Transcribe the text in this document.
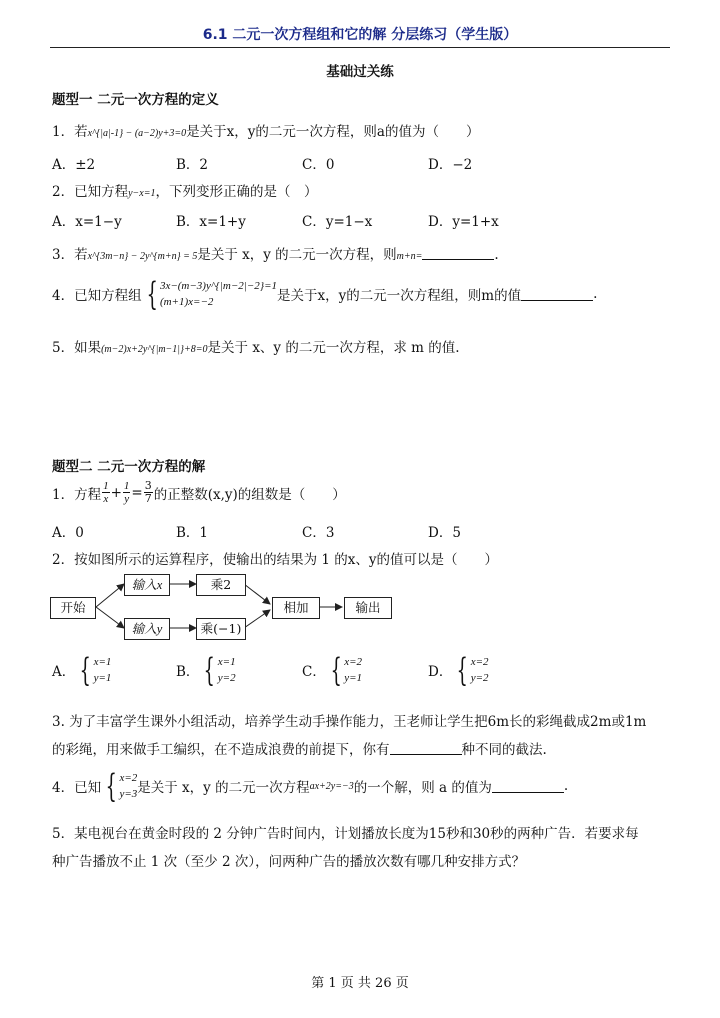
6.1 二元一次方程组和它的解 分层练习（学生版）
基础过关练
题型一 二元一次方程的定义
1．若x^{|a|-1} − (a−2)y+3=0是关于x，y的二元一次方程，则a的值为（　　）
A．±2	B．2	C．0	D．−2
2．已知方程y−x=1，下列变形正确的是（　）
A．x=1−y	B．x=1+y	C．y=1−x	D．y=1+x
3．若x^{3m−n} − 2y^{m+n} = 5是关于 x，y 的二元一次方程，则m+n=	.
4．已知方程组 { 3x−(m−3)y^{|m−2|−2}=1
(m+1)x=−2	是关于x，y的二元一次方程组，则m的值	.
5．如果(m−2)x+2y^{|m−1|}+8=0是关于 x、y 的二元一次方程，求 m 的值.
题型二 二元一次方程的解
1．方程 $\frac{1}{x} + \frac{1}{y} = \frac{3}{7}$ 的正整数(x,y)的组数是（　　）
A．0	B．1	C．3	D．5
2．按如图所示的运算程序，使输出的结果为 1 的x、y的值可以是（　　）
开始
输入x
输入y
乘2
乘(−1)
相加	输出
A． { x=1
y=1	B． { x=1
y=2	C． { x=2
y=1	D． { x=2
y=2
3. 为了丰富学生课外小组活动，培养学生动手操作能力，王老师让学生把6m长的彩绳截成2m或1m
的彩绳，用来做手工编织，在不造成浪费的前提下，你有	种不同的截法.
4．已知 { x=2
y=3 是关于 x，y 的二元一次方程 ax+2y=−3 的一个解，则 a 的值为	.
5．某电视台在黄金时段的 2 分钟广告时间内，计划播放长度为15秒和30秒的两种广告．若要求每
种广告播放不止 1 次（至少 2 次），问两种广告的播放次数有哪几种安排方式？
第 1 页 共 26 页
